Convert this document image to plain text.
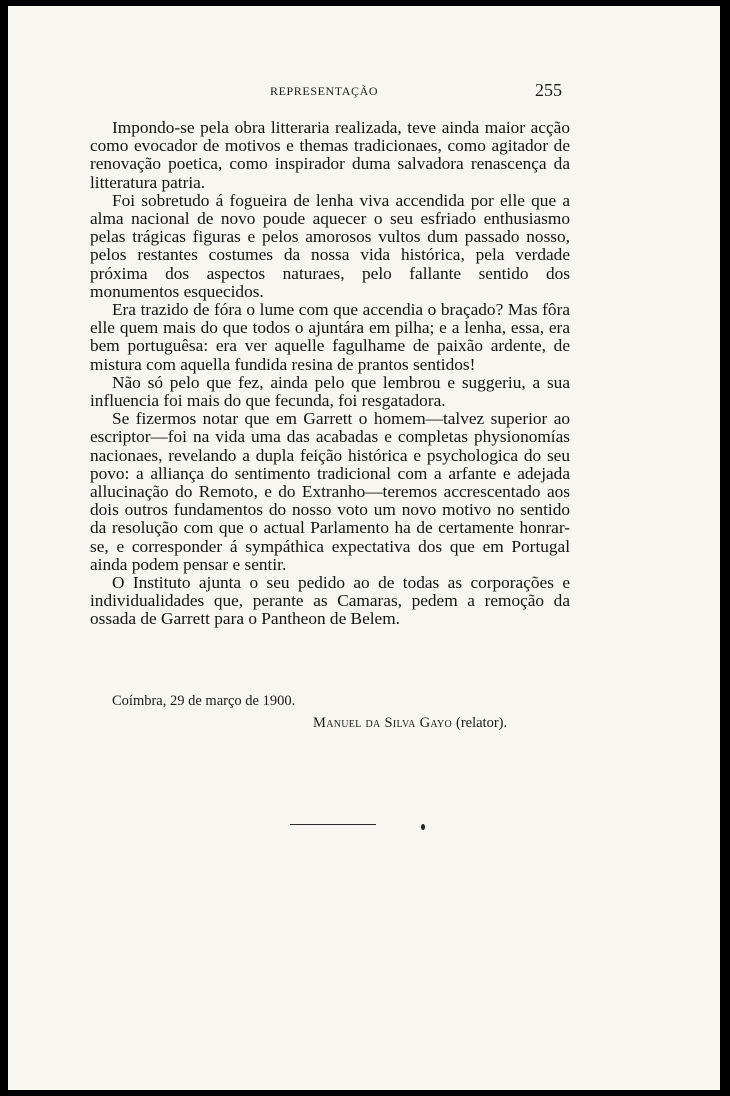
REPRESENTAÇÃO	255

Impondo-se pela obra litteraria realizada, teve ainda maior acção como evocador de motivos e themas tradicionaes, como agitador de renovação poetica, como inspirador duma salvadora renascença da litteratura patria.

Foi sobretudo á fogueira de lenha viva accendida por elle que a alma nacional de novo poude aquecer o seu esfriado enthusiasmo pelas trágicas figuras e pelos amorosos vultos dum passado nosso, pelos restantes costumes da nossa vida histórica, pela verdade próxima dos aspectos naturaes, pelo fallante sentido dos monumentos esquecidos.

Era trazido de fóra o lume com que accendia o braçado? Mas fôra elle quem mais do que todos o ajuntára em pilha; e a lenha, essa, era bem portuguêsa: era ver aquelle fagulhame de paixão ardente, de mistura com aquella fundida resina de prantos sentidos!

Não só pelo que fez, ainda pelo que lembrou e suggeriu, a sua influencia foi mais do que fecunda, foi resgatadora.

Se fizermos notar que em Garrett o homem—talvez superior ao escriptor—foi na vida uma das acabadas e completas physionomías nacionaes, revelando a dupla feição histórica e psychologica do seu povo: a alliança do sentimento tradicional com a arfante e adejada allucinação do Remoto, e do Extranho—teremos accrescentado aos dois outros fundamentos do nosso voto um novo motivo no sentido da resolução com que o actual Parlamento ha de certamente honrar-se, e corresponder á sympáthica expectativa dos que em Portugal ainda podem pensar e sentir.

O Instituto ajunta o seu pedido ao de todas as corporações e individualidades que, perante as Camaras, pedem a remoção da ossada de Garrett para o Pantheon de Belem.

Coímbra, 29 de março de 1900.
Manuel da Silva Gayo (relator).
